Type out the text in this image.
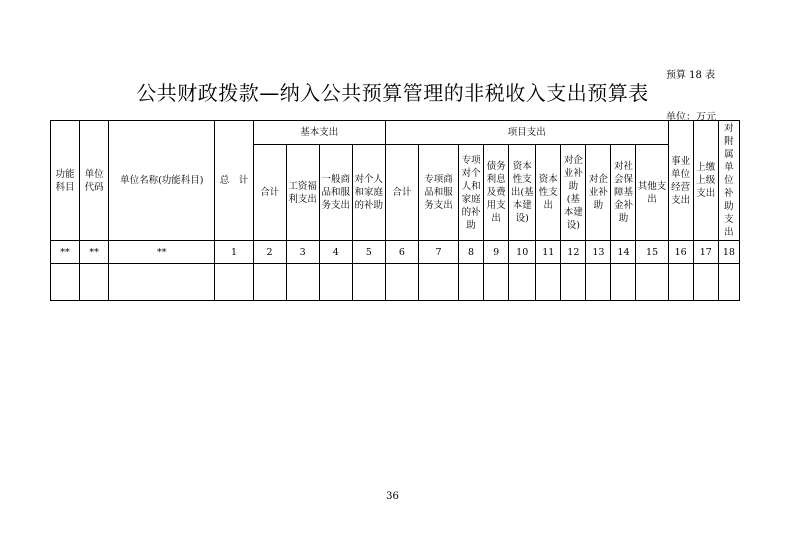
预算 18 表
公共财政拨款—纳入公共预算管理的非税收入支出预算表
单位：万元
功能科目	单位代码	单位名称(功能科目)	总　计	基本支出				项目支出										事业单位经营支出	上缴上级支出	对附属单位补助支出
				合计	工资福利支出	一般商品和服务支出	对个人和家庭的补助	合计	专项商品和服务支出	专项对个人和家庭的补助	债务利息及费用支出	资本性支出(基本建设)	资本性支出	对企业补助(基本建设)	对企业补助	对社会保障基金补助	其他支出			
**	**	**	1	2	3	4	5	6	7	8	9	10	11	12	13	14	15	16	17	18

36
